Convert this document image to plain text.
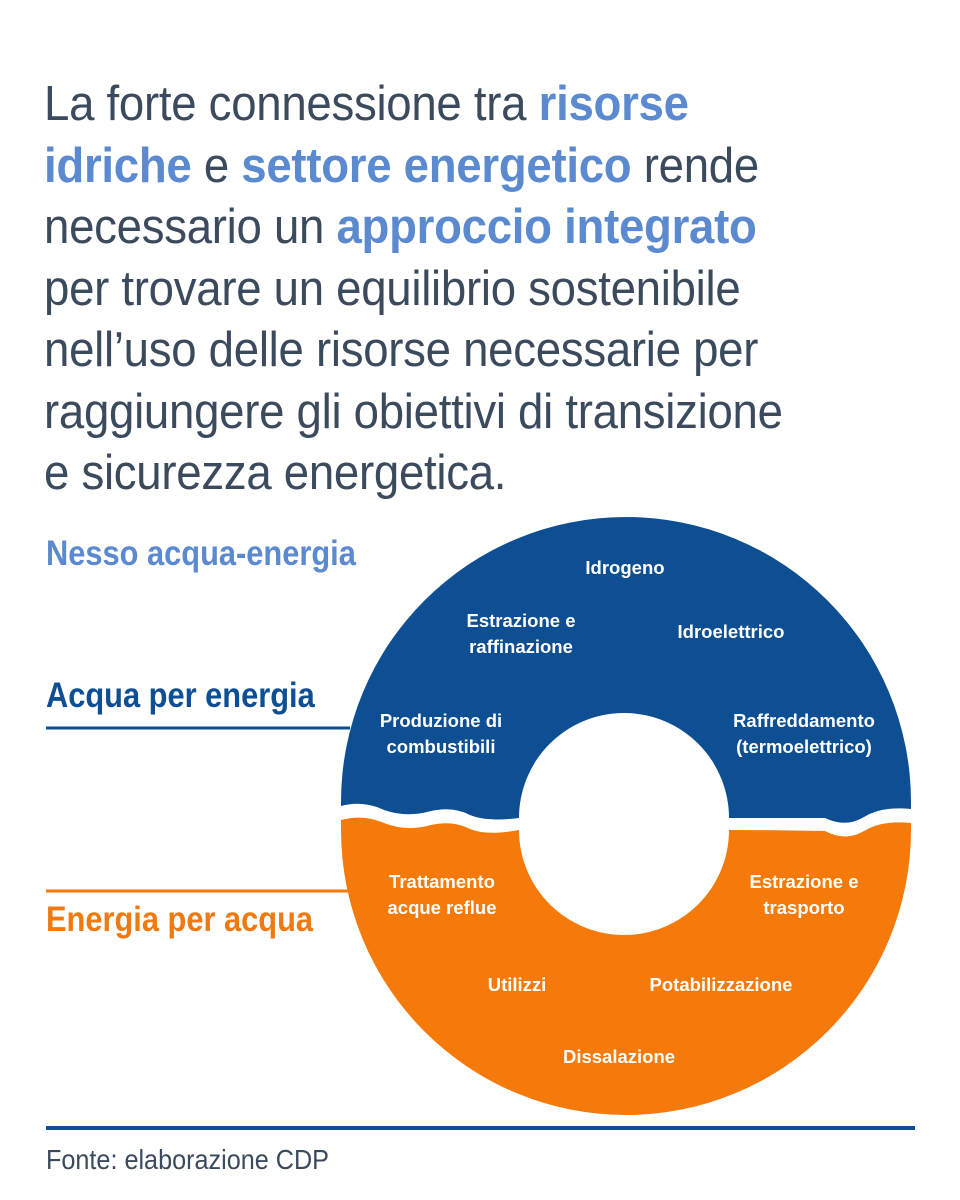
La forte connessione tra risorse
idriche e settore energetico rende
necessario un approccio integrato
per trovare un equilibrio sostenibile
nell’uso delle risorse necessarie per
raggiungere gli obiettivi di transizione
e sicurezza energetica.
Nesso acqua-energia
Acqua per energia
Energia per acqua
Idrogeno
Estrazione e raffinazione
Idroelettrico
Produzione di combustibili
Raffreddamento (termoelettrico)
Trattamento acque reflue
Estrazione e trasporto
Utilizzi	Potabilizzazione
Dissalazione
Fonte: elaborazione CDP
